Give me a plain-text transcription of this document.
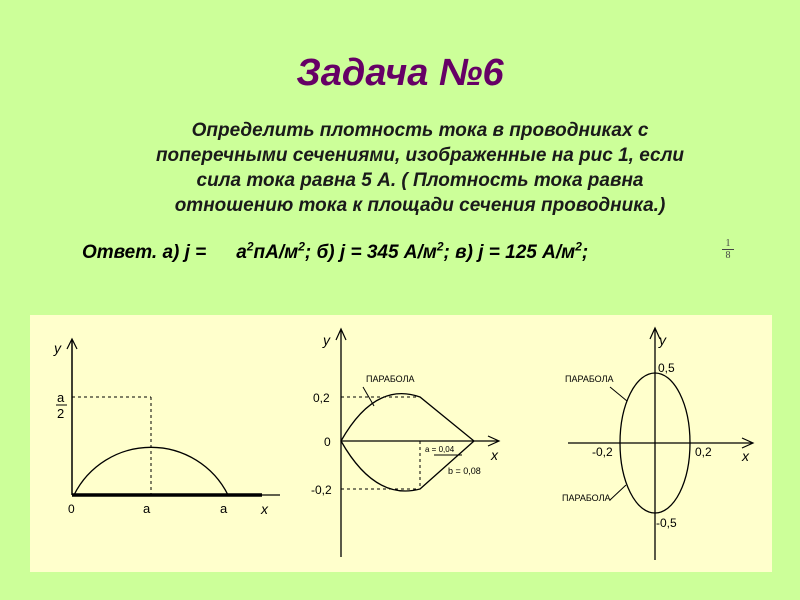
Задача №6
Определить плотность тока в проводниках с
поперечными сечениями, изображенные на рис 1, если
сила тока равна 5 А. ( Плотность тока равна
отношению тока к площади сечения проводника.)
Ответ. а) $j = а^2пА/м^2$; б) j = 345 $А/м^2$; в) j = 125 $А/м^2$;	$\frac{1}{8}$
y
x
0
a
2
a	a
y
x
0
0,2
-0,2
ПАРАБОЛА
a = 0,04
b = 0,08
y
x
0,5
-0,5
-0,2	0,2
ПАРАБОЛА
ПАРАБОЛА
